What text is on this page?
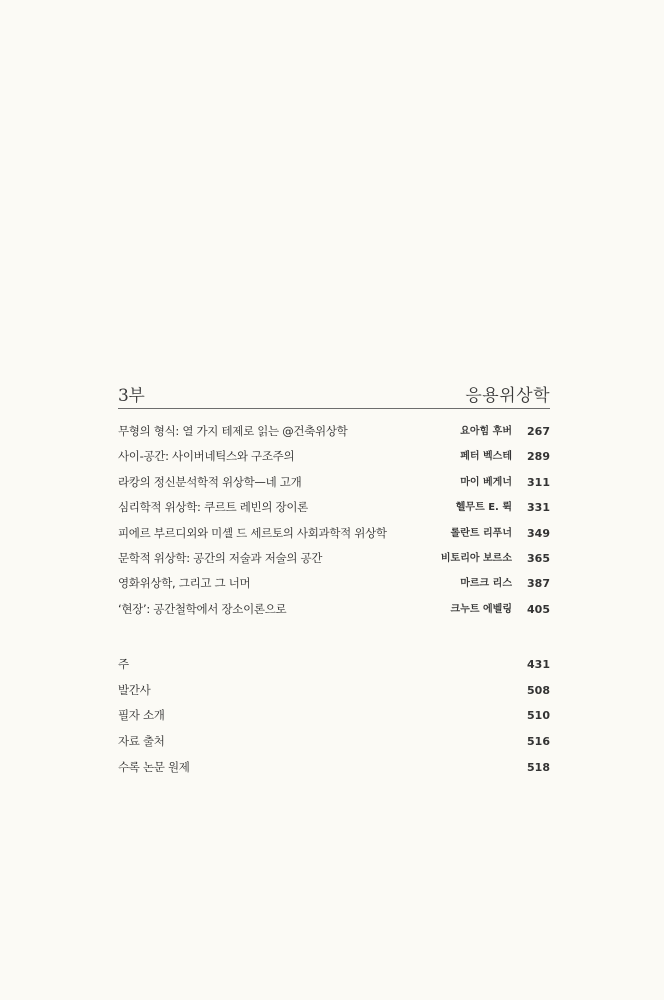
3부	응용위상학
무형의 형식: 열 가지 테제로 읽는 @건축위상학	요아힘 후버 267
사이-공간: 사이버네틱스와 구조주의	페터 벡스테 289
라캉의 정신분석학적 위상학—네 고개	마이 베게너 311
심리학적 위상학: 쿠르트 레빈의 장이론	헬무트 E. 뤽 331
피에르 부르디외와 미셸 드 세르토의 사회과학적 위상학	롤란트 리푸너 349
문학적 위상학: 공간의 저술과 저술의 공간	비토리아 보르소 365
영화위상학, 그리고 그 너머	마르크 리스 387
‘현장’: 공간철학에서 장소이론으로	크누트 에벨링 405
주	431
발간사	508
필자 소개	510
자료 출처	516
수록 논문 원제	518
